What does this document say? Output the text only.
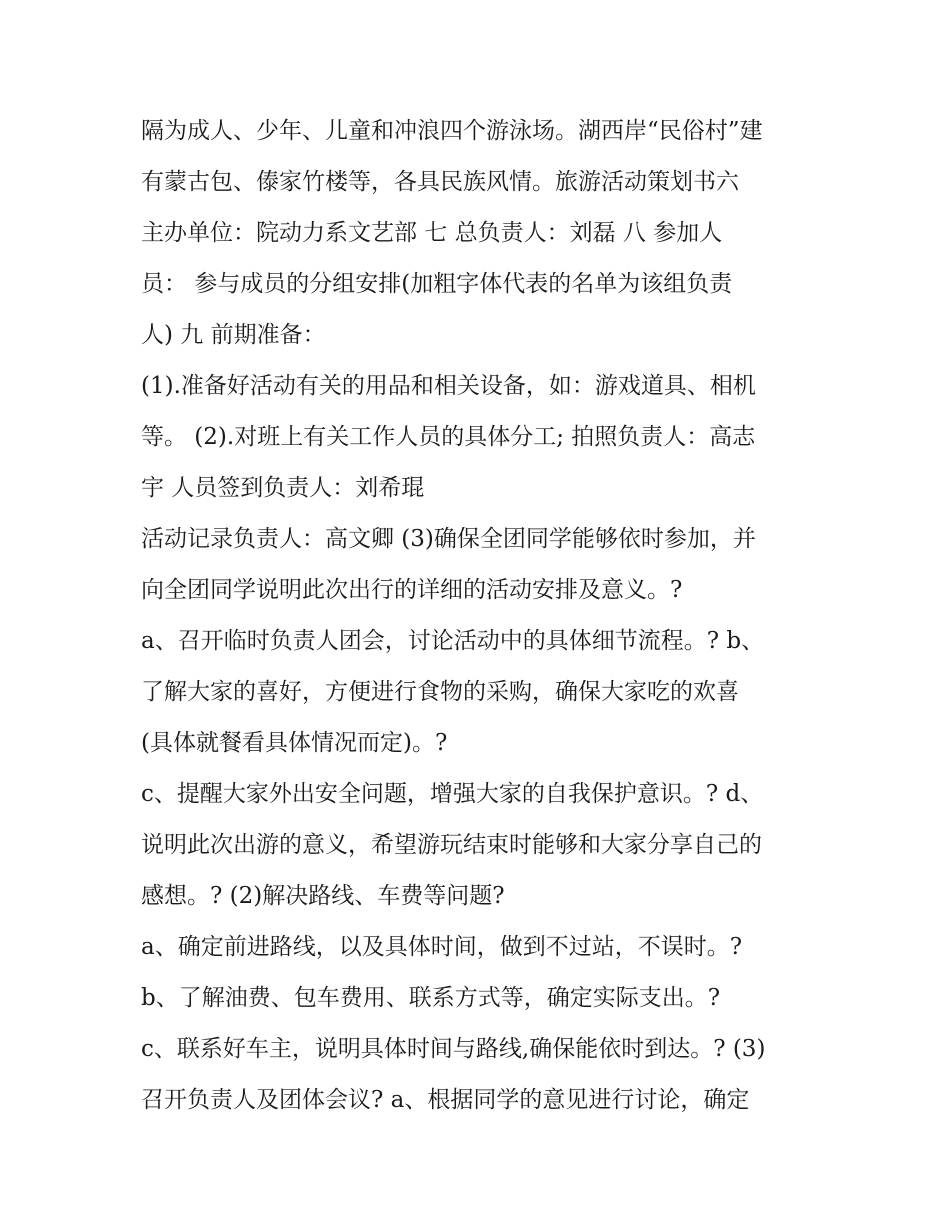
隔为成人、少年、儿童和冲浪四个游泳场。湖西岸“民俗村”建
有蒙古包、傣家竹楼等，各具民族风情。旅游活动策划书六
主办单位：院动力系文艺部 七 总负责人：刘磊 八 参加人
员： 参与成员的分组安排(加粗字体代表的名单为该组负责
人) 九 前期准备：
(1).准备好活动有关的用品和相关设备，如：游戏道具、相机
等。 (2).对班上有关工作人员的具体分工; 拍照负责人：高志
宇 人员签到负责人：刘希琨
活动记录负责人：高文卿 (3)确保全团同学能够依时参加，并
向全团同学说明此次出行的详细的活动安排及意义。?
a、召开临时负责人团会，讨论活动中的具体细节流程。? b、
了解大家的喜好，方便进行食物的采购，确保大家吃的欢喜
(具体就餐看具体情况而定)。?
c、提醒大家外出安全问题，增强大家的自我保护意识。? d、
说明此次出游的意义，希望游玩结束时能够和大家分享自己的
感想。? (2)解决路线、车费等问题?
a、确定前进路线，以及具体时间，做到不过站，不误时。?
b、了解油费、包车费用、联系方式等，确定实际支出。?
c、联系好车主，说明具体时间与路线,确保能依时到达。? (3)
召开负责人及团体会议? a、根据同学的意见进行讨论，确定
